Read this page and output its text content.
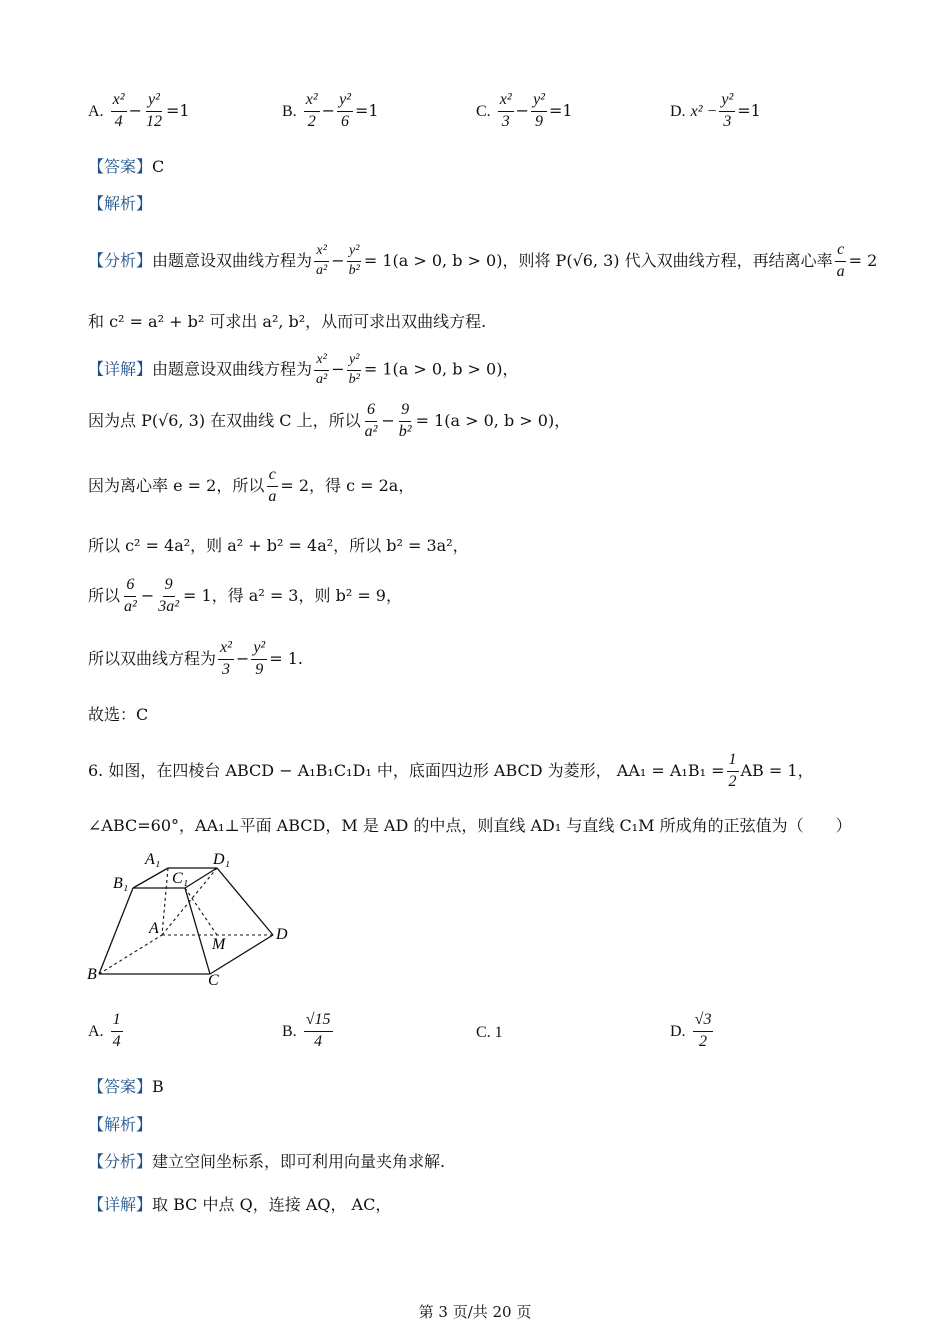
A. $\frac{\text{x²}}{4} - \frac{\text{y²}}{12} =1$	B. $\frac{\text{x²}}{2} - \frac{\text{y²}}{6} =1$	C. $\frac{\text{x²}}{3} - \frac{\text{y²}}{9} =1$	D. $x^2 - \frac{\text{y²}}{3} =1$
【答案】C
【解析】
【分析】由题意设双曲线方程为 $\frac{\text{x²}}{\text{a²}} - \frac{\text{y²}}{\text{b²}} = 1(a > 0$, b > 0)，则将 P(√6, 3) 代入双曲线方程，再结离心率 $\frac{c}{a} = 2$
和 c² = a² + b² 可求出 a², b²，从而可求出双曲线方程.
【详解】由题意设双曲线方程为 $\frac{\text{x²}}{\text{a²}} - \frac{\text{y²}}{\text{b²}} = 1(a > 0$, b > 0)，
因为点 P(√6, 3) 在双曲线 C 上，所以 $\frac{6}{\text{a²}} - \frac{9}{\text{b²}} = 1(a > 0$, b > 0)，
因为离心率 e = 2，所以 $\frac{c}{a} = 2$，得 c = 2a，
所以 c² = 4a²，则 a² + b² = 4a²，所以 b² = 3a²，
所以 $\frac{6}{\text{a²}} - \frac{9}{\text{3a²}} = 1$，得 a² = 3，则 b² = 9，
所以双曲线方程为 $\frac{\text{x²}}{3} - \frac{\text{y²}}{9} = 1$.
故选：C
6. 如图，在四棱台 ABCD − A₁B₁C₁D₁ 中，底面四边形 ABCD 为菱形， $AA_1 = A_1B_1 = \frac{1}{2}$ AB = 1，
∠ABC=60°，AA₁⊥平面 ABCD，M 是 AD 的中点，则直线 AD₁ 与直线 C₁M 所成角的正弦值为（　　）
A₁	D₁
B₁	C₁
A
M
D
B	C
A. $\frac{1}{4}$	B. $\frac{√15}{4}$	C. 1	D. $\frac{√3}{2}$
【答案】B
【解析】
【分析】建立空间坐标系，即可利用向量夹角求解.
【详解】取 BC 中点 Q，连接 AQ， AC，
第 3 页/共 20 页
